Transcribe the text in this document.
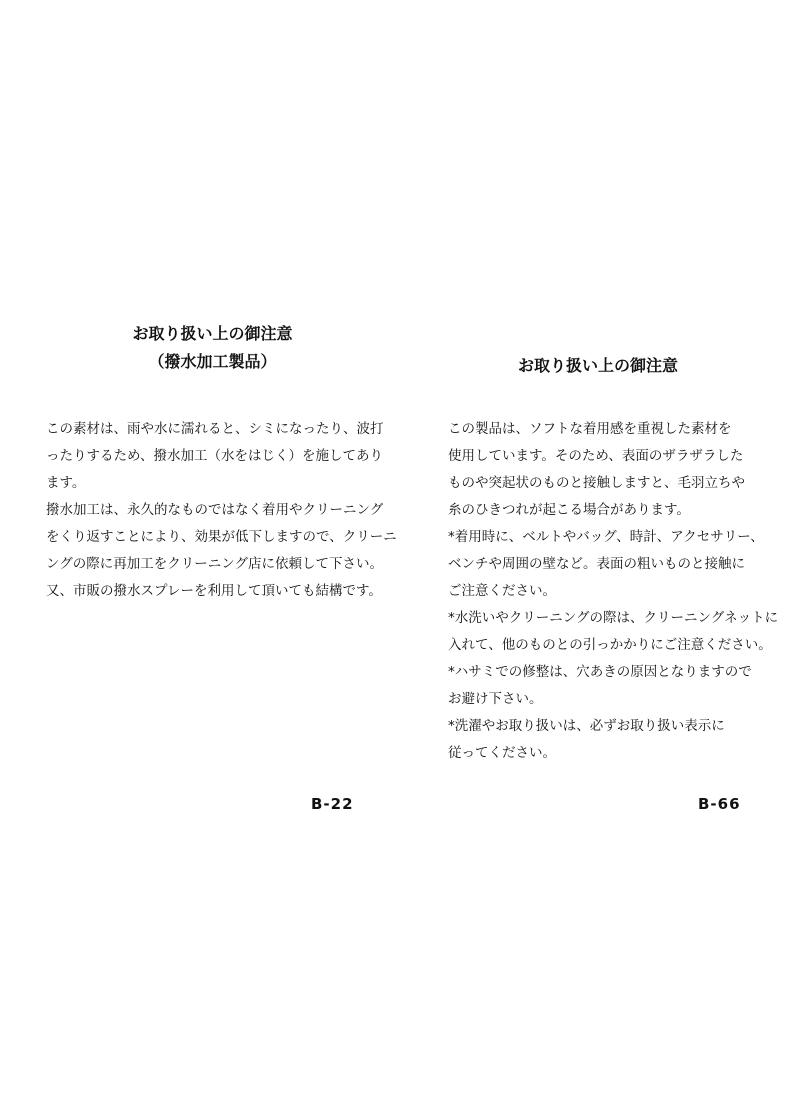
お取り扱い上の御注意

（撥水加工製品）

この素材は、雨や水に濡れると、シミになったり、波打
ったりするため、撥水加工（水をはじく）を施してあり
ます。
撥水加工は、永久的なものではなく着用やクリーニング
をくり返すことにより、効果が低下しますので、クリーニ
ングの際に再加工をクリーニング店に依頼して下さい。
又、市販の撥水スプレーを利用して頂いても結構です。

お取り扱い上の御注意

この製品は、ソフトな着用感を重視した素材を
使用しています。そのため、表面のザラザラした
ものや突起状のものと接触しますと、毛羽立ちや
糸のひきつれが起こる場合があります。
*着用時に、ベルトやバッグ、時計、アクセサリー、
ベンチや周囲の壁など。表面の粗いものと接触に
ご注意ください。
*水洗いやクリーニングの際は、クリーニングネットに
入れて、他のものとの引っかかりにご注意ください。
*ハサミでの修整は、穴あきの原因となりますので
お避け下さい。
*洗濯やお取り扱いは、必ずお取り扱い表示に
従ってください。
B-22	B-66
